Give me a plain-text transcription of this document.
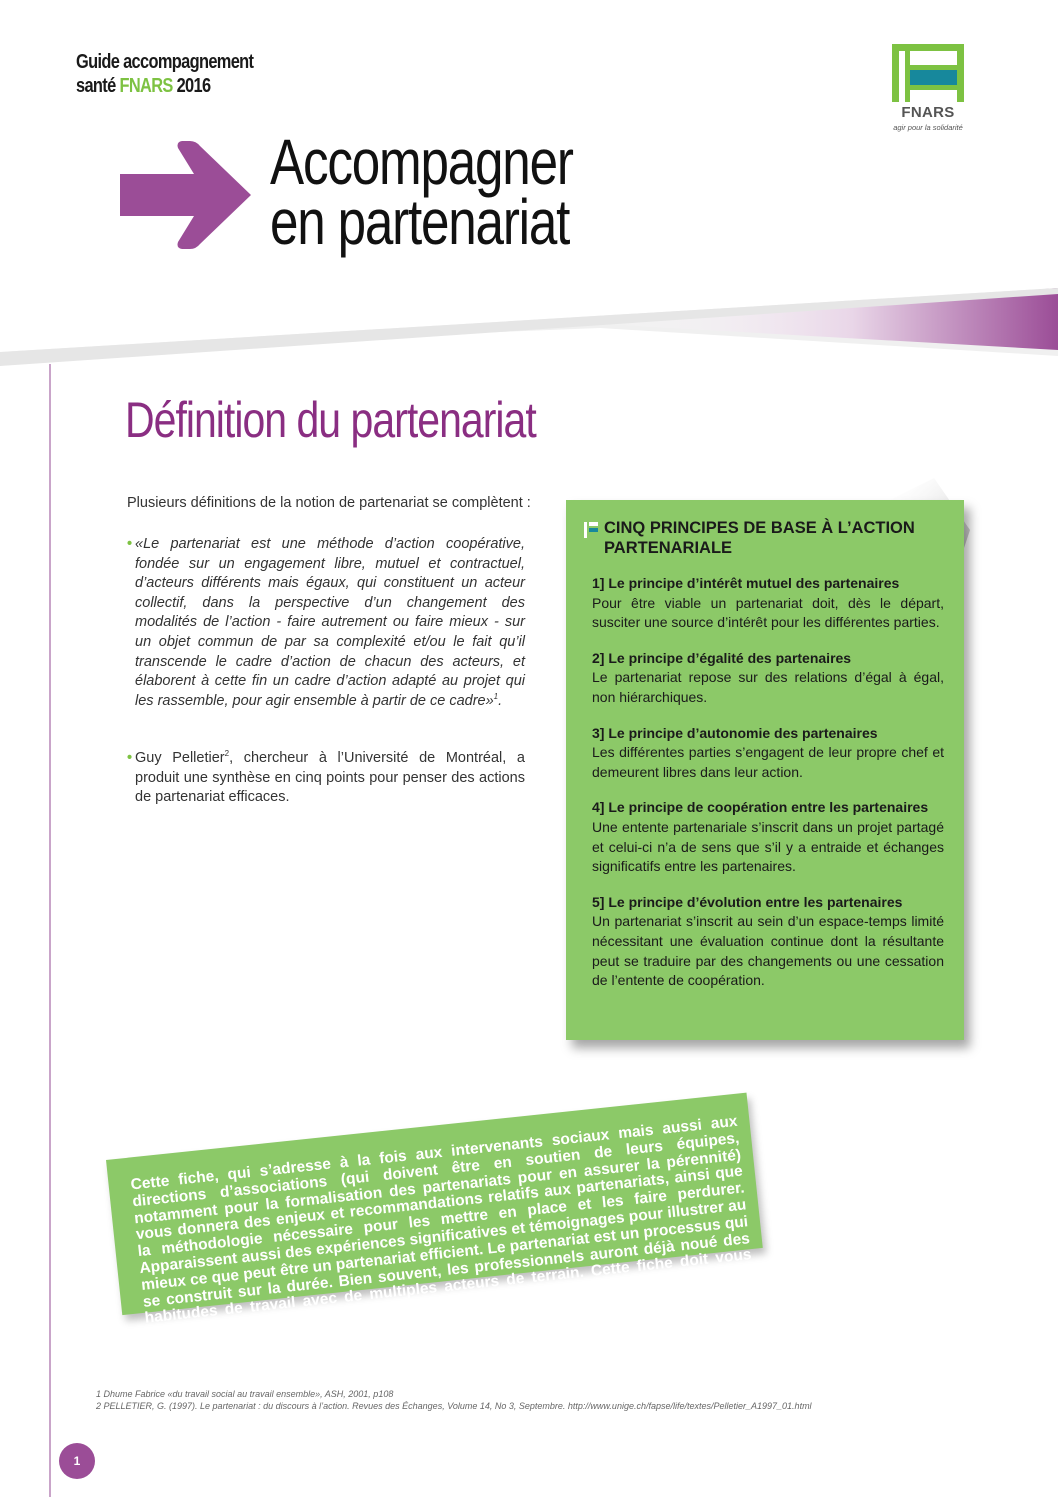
Guide accompagnement
santé FNARS 2016
FNARS
agir pour la solidarité
Accompagner
en partenariat
Définition du partenariat
Plusieurs définitions de la notion de partenariat se complètent :
• «Le partenariat est une méthode d’action coopérative, fondée sur un engagement libre, mutuel et contractuel, d’acteurs différents mais égaux, qui constituent un acteur collectif, dans la perspective d’un changement des modalités de l’action - faire autrement ou faire mieux - sur un objet commun de par sa complexité et/ou le fait qu’il transcende le cadre d’action de chacun des acteurs, et élaborent à cette fin un cadre d’action adapté au projet qui les rassemble, pour agir ensemble à partir de ce cadre»$^1$.
• Guy Pelletier$^2$, chercheur à l’Université de Montréal, a produit une synthèse en cinq points pour penser des actions de partenariat efficaces.
CINQ PRINCIPES DE BASE À L’ACTION PARTENARIALE
1] Le principe d’intérêt mutuel des partenaires
Pour être viable un partenariat doit, dès le départ, susciter une source d’intérêt pour les différentes parties.
2] Le principe d’égalité des partenaires
Le partenariat repose sur des relations d’égal à égal, non hiérarchiques.
3] Le principe d’autonomie des partenaires
Les différentes parties s’engagent de leur propre chef et demeurent libres dans leur action.
4] Le principe de coopération entre les partenaires
Une entente partenariale s’inscrit dans un projet partagé et celui-ci n’a de sens que s’il y a entraide et échanges significatifs entre les partenaires.
5] Le principe d’évolution entre les partenaires
Un partenariat s’inscrit au sein d’un espace-temps limité nécessitant une évaluation continue dont la résultante peut se traduire par des changements ou une cessation de l’entente de coopération.
Cette fiche, qui s’adresse à la fois aux intervenants sociaux mais aussi aux directions d’associations (qui doivent être en soutien de leurs équipes, notamment pour la formalisation des partenariats pour en assurer la pérennité) vous donnera des enjeux et recommandations relatifs aux partenariats, ainsi que la méthodologie nécessaire pour les mettre en place et les faire perdurer. Apparaissent aussi des expériences significatives et témoignages pour illustrer au mieux ce que peut être un partenariat efficient. Le partenariat est un processus qui se construit sur la durée. Bien souvent, les professionnels auront déjà noué des habitudes de travail avec de multiples acteurs de terrain. Cette fiche doit vous permettre de mieux structurer ces partenariats.
1 Dhume Fabrice «du travail social au travail ensemble», ASH, 2001, p108
2 PELLETIER, G. (1997). Le partenariat : du discours à l’action. Revues des Échanges, Volume 14, No 3, Septembre. http://www.unige.ch/fapse/life/textes/Pelletier_A1997_01.html
1
